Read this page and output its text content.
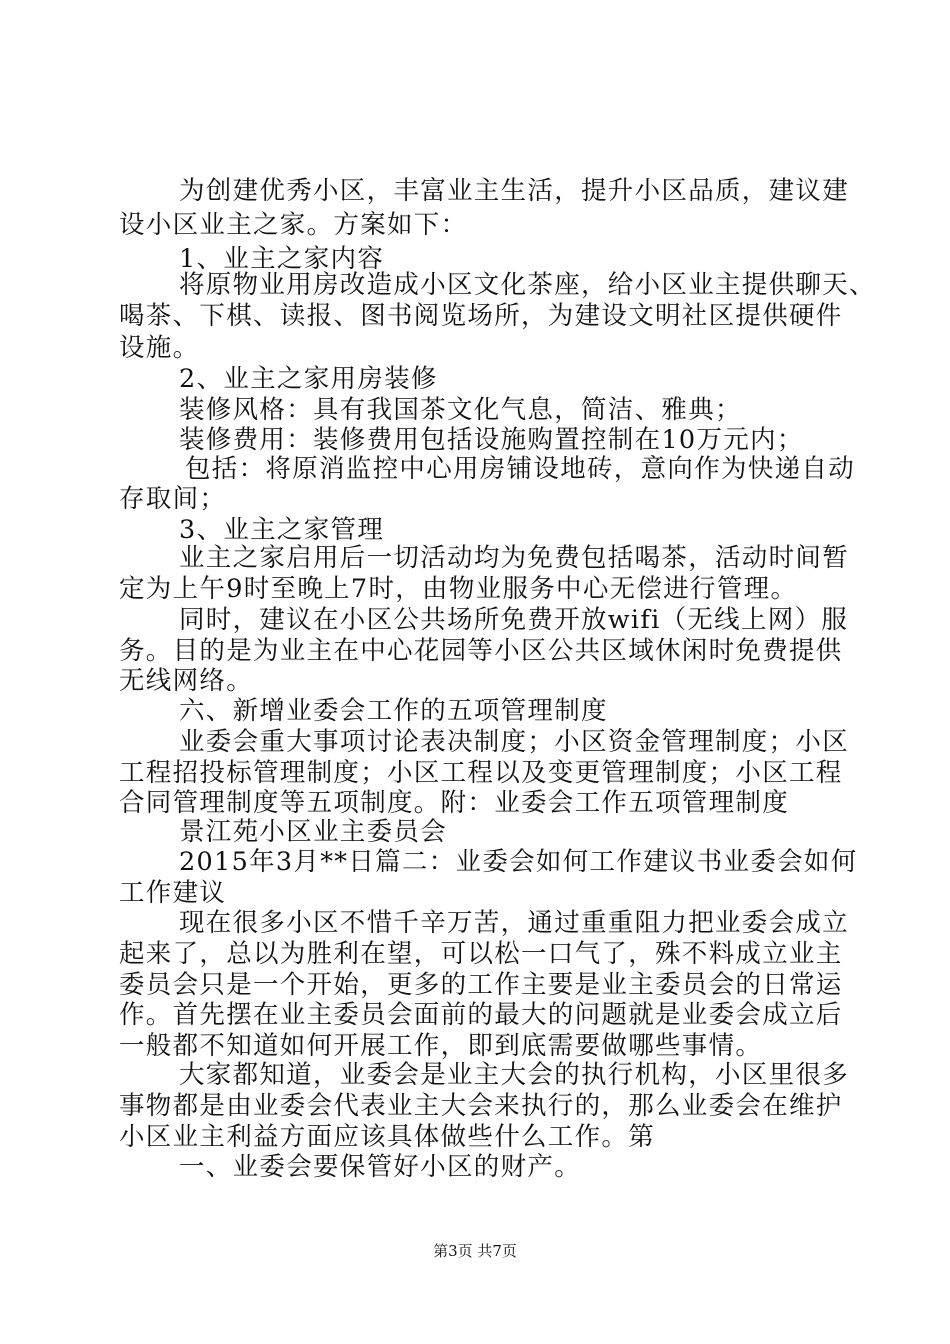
为创建优秀小区，丰富业主生活，提升小区品质，建议建
设小区业主之家。方案如下：
1、业主之家内容
将原物业用房改造成小区文化茶座，给小区业主提供聊天、
喝茶、下棋、读报、图书阅览场所，为建设文明社区提供硬件
设施。
2、业主之家用房装修
装修风格：具有我国茶文化气息，简洁、雅典；
装修费用：装修费用包括设施购置控制在10万元内；
包括：将原消监控中心用房铺设地砖，意向作为快递自动
存取间；
3、业主之家管理
业主之家启用后一切活动均为免费包括喝茶，活动时间暂
定为上午9时至晚上7时，由物业服务中心无偿进行管理。
同时，建议在小区公共场所免费开放wifi（无线上网）服
务。目的是为业主在中心花园等小区公共区域休闲时免费提供
无线网络。
六、新增业委会工作的五项管理制度
业委会重大事项讨论表决制度；小区资金管理制度；小区
工程招投标管理制度；小区工程以及变更管理制度；小区工程
合同管理制度等五项制度。附：业委会工作五项管理制度
景江苑小区业主委员会
2015年3月**日篇二：业委会如何工作建议书业委会如何
工作建议
现在很多小区不惜千辛万苦，通过重重阻力把业委会成立
起来了，总以为胜利在望，可以松一口气了，殊不料成立业主
委员会只是一个开始，更多的工作主要是业主委员会的日常运
作。首先摆在业主委员会面前的最大的问题就是业委会成立后
一般都不知道如何开展工作，即到底需要做哪些事情。
大家都知道，业委会是业主大会的执行机构，小区里很多
事物都是由业委会代表业主大会来执行的，那么业委会在维护
小区业主利益方面应该具体做些什么工作。第
一、业委会要保管好小区的财产。
第3页 共7页
